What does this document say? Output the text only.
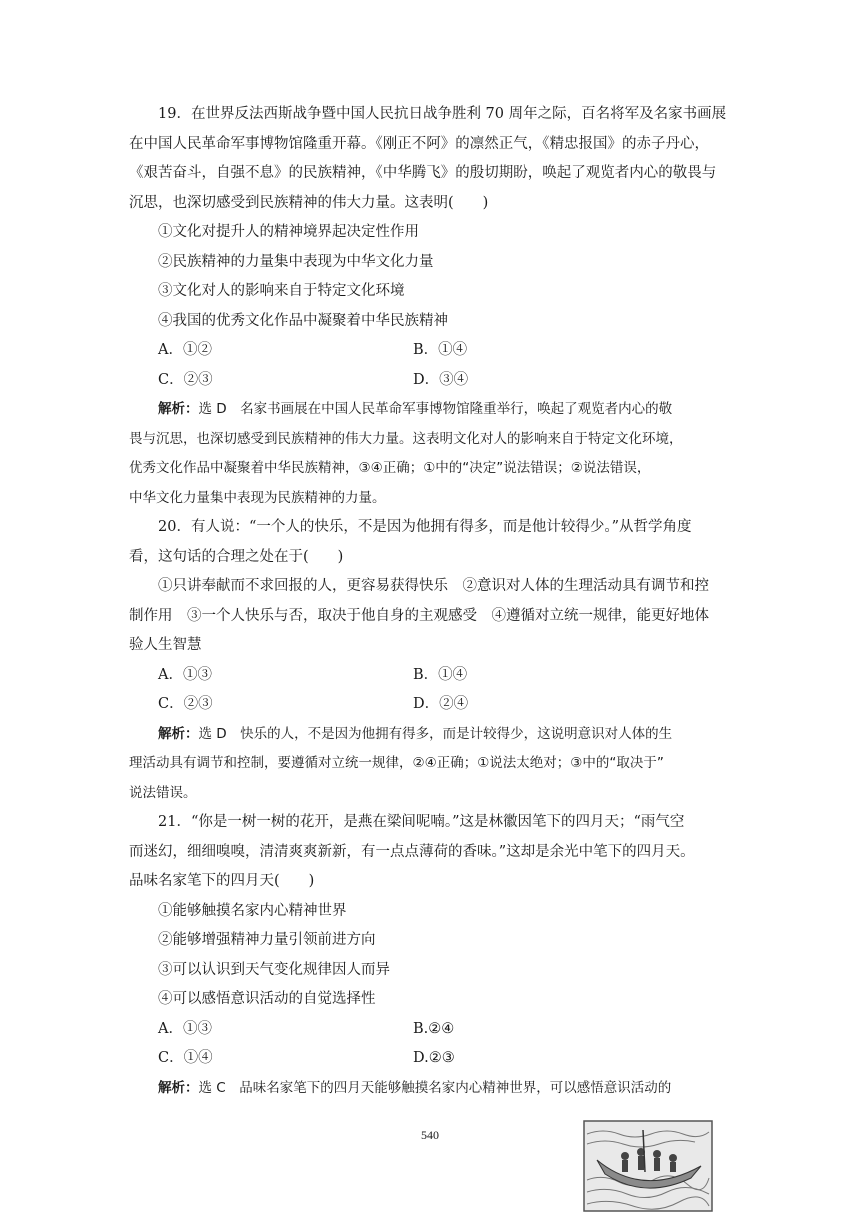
19．在世界反法西斯战争暨中国人民抗日战争胜利 70 周年之际，百名将军及名家书画展
在中国人民革命军事博物馆隆重开幕。《刚正不阿》的凛然正气，《精忠报国》的赤子丹心，
《艰苦奋斗，自强不息》的民族精神，《中华腾飞》的殷切期盼，唤起了观览者内心的敬畏与
沉思，也深切感受到民族精神的伟大力量。这表明(　　)
①文化对提升人的精神境界起决定性作用
②民族精神的力量集中表现为中华文化力量
③文化对人的影响来自于特定文化环境
④我国的优秀文化作品中凝聚着中华民族精神
A．①②	B．①④
C．②③	D．③④
解析：选 D　名家书画展在中国人民革命军事博物馆隆重举行，唤起了观览者内心的敬
畏与沉思，也深切感受到民族精神的伟大力量。这表明文化对人的影响来自于特定文化环境，
优秀文化作品中凝聚着中华民族精神，③④正确；①中的“决定”说法错误；②说法错误，
中华文化力量集中表现为民族精神的力量。
20．有人说：“一个人的快乐，不是因为他拥有得多，而是他计较得少。”从哲学角度
看，这句话的合理之处在于(　　)
①只讲奉献而不求回报的人，更容易获得快乐　②意识对人体的生理活动具有调节和控
制作用　③一个人快乐与否，取决于他自身的主观感受　④遵循对立统一规律，能更好地体
验人生智慧
A．①③	B．①④
C．②③	D．②④
解析：选 D　快乐的人，不是因为他拥有得多，而是计较得少，这说明意识对人体的生
理活动具有调节和控制，要遵循对立统一规律，②④正确；①说法太绝对；③中的“取决于”
说法错误。
21．“你是一树一树的花开，是燕在梁间呢喃。”这是林徽因笔下的四月天；“雨气空
而迷幻，细细嗅嗅，清清爽爽新新，有一点点薄荷的香味。”这却是余光中笔下的四月天。
品味名家笔下的四月天(　　)
①能够触摸名家内心精神世界
②能够增强精神力量引领前进方向
③可以认识到天气变化规律因人而异
④可以感悟意识活动的自觉选择性
A．①③	B.②④
C．①④	D.②③
解析：选 C　品味名家笔下的四月天能够触摸名家内心精神世界，可以感悟意识活动的
540
